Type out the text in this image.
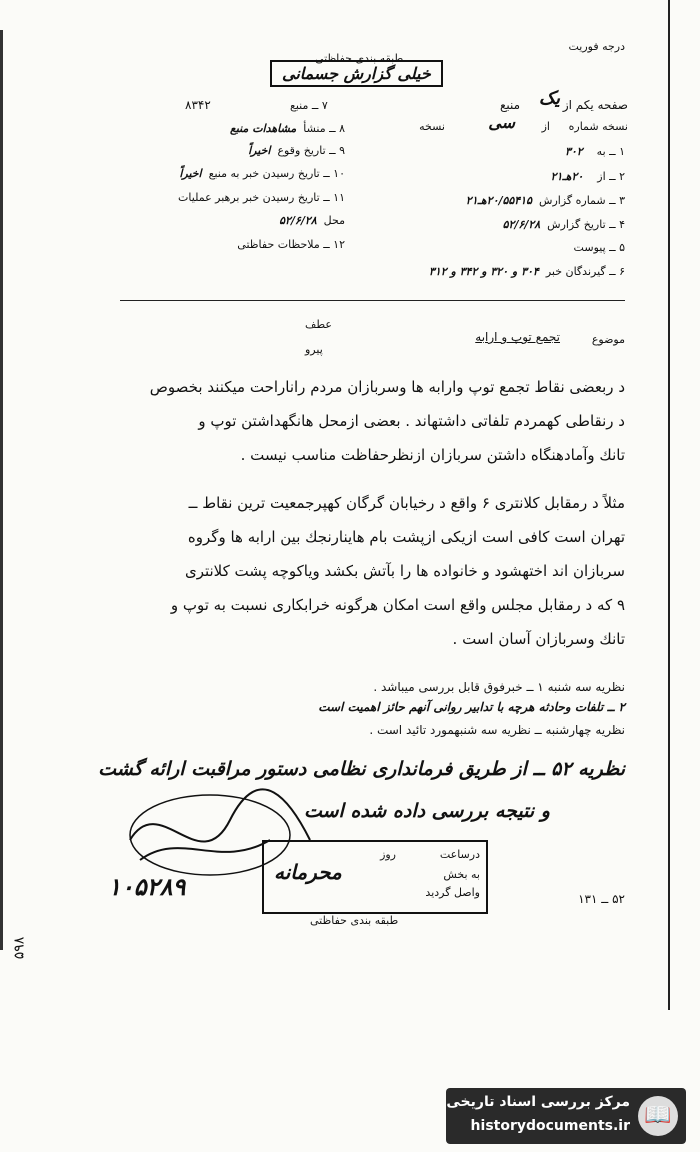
درجه فوریت
طبقه بندی حفاظتی
خیلی گزارش جسمانی
صفحه یکم از
یک
منبع
نسخه شماره
از
سی
نسخه
۸۳۴۲	۷ ــ منبع
۸ ــ منشأ  مشاهدات منبع
۹ ــ تاریخ وقوع  اخیراً
۱۰ ــ تاریخ رسیدن خبر به منبع  اخیراً
۱۱ ــ تاریخ رسیدن خبر برهبر عملیات
محل  ۵۲/۶/۲۸
۱۲ ــ ملاحظات حفاظتی
۱ ــ به    ۳۰۲
۲ ــ از    ۲۰هـ۲۱
۳ ــ شماره گزارش  ۲۰/۵۵۴۱۵هـ۲۱
۴ ــ تاریخ گزارش  ۵۲/۶/۲۸
۵ ــ پیوست
۶ ــ گیرندگان خبر  ۳۰۴ و ۳۲۰ و ۳۴۲ و ۳۱۲
موضوع
تجمع توپ و ارابه
عطف
پیرو
د ربعضی نقاط تجمع توپ وارابه ها وسربازان مردم راناراحت میکنند بخصوص
د رنقاطی کهمردم تلفاتی داشتهاند . بعضی ازمحل هانگهداشتن توپ و
تانك وآمادهنگاه داشتن سربازان ازنظرحفاظت مناسب نیست .
مثلاً د رمقابل کلانتری ۶ واقع د رخیابان گرگان کهپرجمعیت ترین نقاط ــ
تهران است کافی است ازیکی ازپشت بام هاینارنجك بین ارابه ها وگروه
سربازان اند اختهشود و خانواده ها را بآتش بکشد ویاکوچه پشت کلانتری
۹ که د رمقابل مجلس واقع است امکان هرگونه خرابکاری نسبت به توپ و
تانك وسربازان آسان است .
نظریه سه شنبه ۱ ــ خبرفوق قابل بررسی میباشد .
۲ ــ تلفات وحادثه هرچه با تدابیر روانی آنهم حائز اهمیت است
نظریه چهارشنبه ــ نظریه سه شنبهمورد تائید است .
نظریه ۵۲ ــ از طریق فرمانداری نظامی دستور مراقبت ارائه گشت
و نتیجه بررسی داده شده است
درساعت
روز
به بخش
واصل گردید
محرمانه
طبقه بندی حفاظتی
۵۲ ــ ۱۳۱
۱۰۵۲۸۹
۵۹۸
📖
مرکز بررسی اسناد تاریخی
historydocuments.ir
